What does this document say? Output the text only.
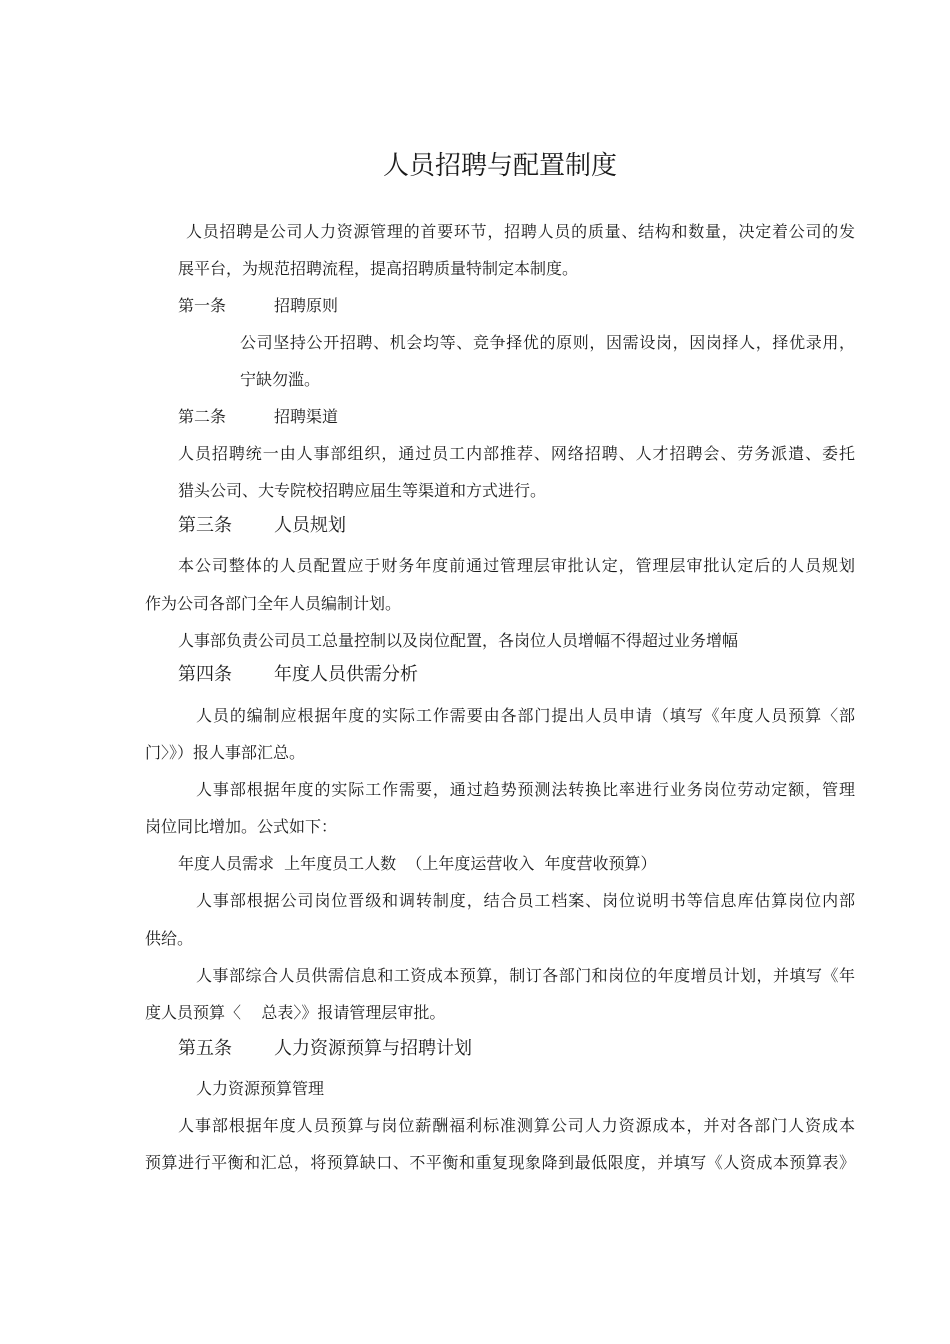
人员招聘与配置制度
人员招聘是公司人力资源管理的首要环节，招聘人员的质量、结构和数量，决定着公司的发
展平台，为规范招聘流程，提高招聘质量特制定本制度。
第一条	招聘原则
公司坚持公开招聘、机会均等、竞争择优的原则，因需设岗，因岗择人，择优录用，
宁缺勿滥。
第二条	招聘渠道
人员招聘统一由人事部组织，通过员工内部推荐、网络招聘、人才招聘会、劳务派遣、委托
猎头公司、大专院校招聘应届生等渠道和方式进行。
第三条 人员规划
本公司整体的人员配置应于财务年度前通过管理层审批认定，管理层审批认定后的人员规划
作为公司各部门全年人员编制计划。
人事部负责公司员工总量控制以及岗位配置，各岗位人员增幅不得超过业务增幅
第四条 年度人员供需分析
人员的编制应根据年度的实际工作需要由各部门提出人员申请（填写《年度人员预算〈部
门〉》）报人事部汇总。
人事部根据年度的实际工作需要，通过趋势预测法转换比率进行业务岗位劳动定额，管理
岗位同比增加。公式如下：
年度人员需求  上年度员工人数  （上年度运营收入  年度营收预算）
人事部根据公司岗位晋级和调转制度，结合员工档案、岗位说明书等信息库估算岗位内部
供给。
人事部综合人员供需信息和工资成本预算，制订各部门和岗位的年度增员计划，并填写《年
度人员预算〈    总表〉》报请管理层审批。
第五条 人力资源预算与招聘计划
人力资源预算管理
人事部根据年度人员预算与岗位薪酬福利标准测算公司人力资源成本，并对各部门人资成本
预算进行平衡和汇总，将预算缺口、不平衡和重复现象降到最低限度，并填写《人资成本预算表》
